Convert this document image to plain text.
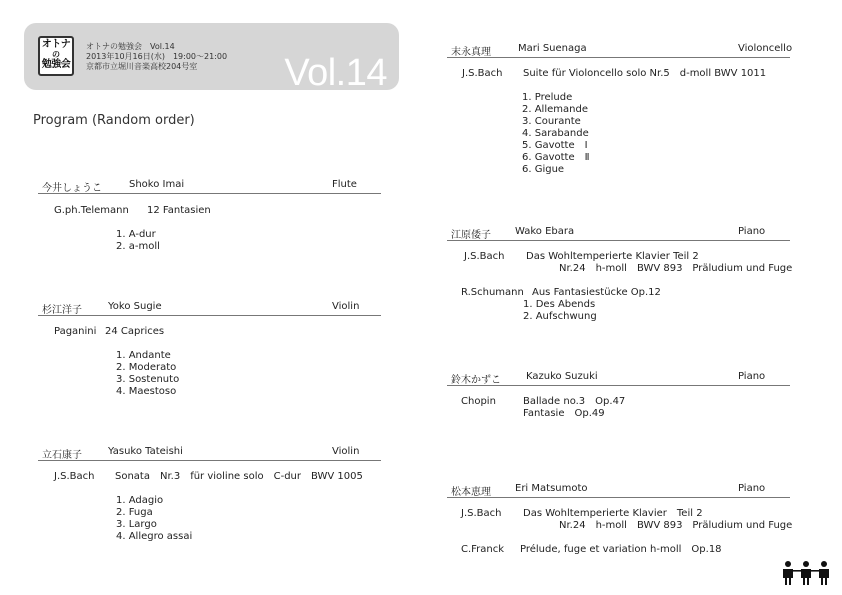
オトナ
の
勉強会
オトナの勉強会　Vol.14
2013年10月16日(水)　19:00～21:00
京都市立堀川音楽高校204号室	Vol.14
Program (Random order)
今井しょうこ	Shoko Imai	Flute
G.ph.Telemann 12 Fantasien
1. A-dur
2. a-moll
杉江洋子	Yoko Sugie	Violin
Paganini 24 Caprices
1. Andante
2. Moderato
3. Sostenuto
4. Maestoso
立石康子	Yasuko Tateishi	Violin
J.S.Bach Sonata　Nr.3　für violine solo　C-dur　BWV 1005
1. Adagio
2. Fuga
3. Largo
4. Allegro assai
末永真理	Mari Suenaga	Violoncello
J.S.Bach Suite für Violoncello solo Nr.5　d-moll BWV 1011
1. Prelude
2. Allemande
3. Courante
4. Sarabande
5. Gavotte　Ⅰ
6. Gavotte　Ⅱ
6. Gigue
江原倭子 Wako Ebara	Piano
J.S.Bach Das Wohltemperierte Klavier Teil 2
Nr.24　h-moll　BWV 893　Präludium und Fuge
R.Schumann Aus Fantasiestücke Op.12
1. Des Abends
2. Aufschwung
鈴木かずこ	Kazuko Suzuki	Piano
Chopin	Ballade no.3　Op.47
Fantasie　Op.49
松本恵理 Eri Matsumoto	Piano
J.S.Bach Das Wohltemperierte Klavier　Teil 2
Nr.24　h-moll　BWV 893　Präludium und Fuge
C.Franck Prélude, fuge et variation h-moll　Op.18
